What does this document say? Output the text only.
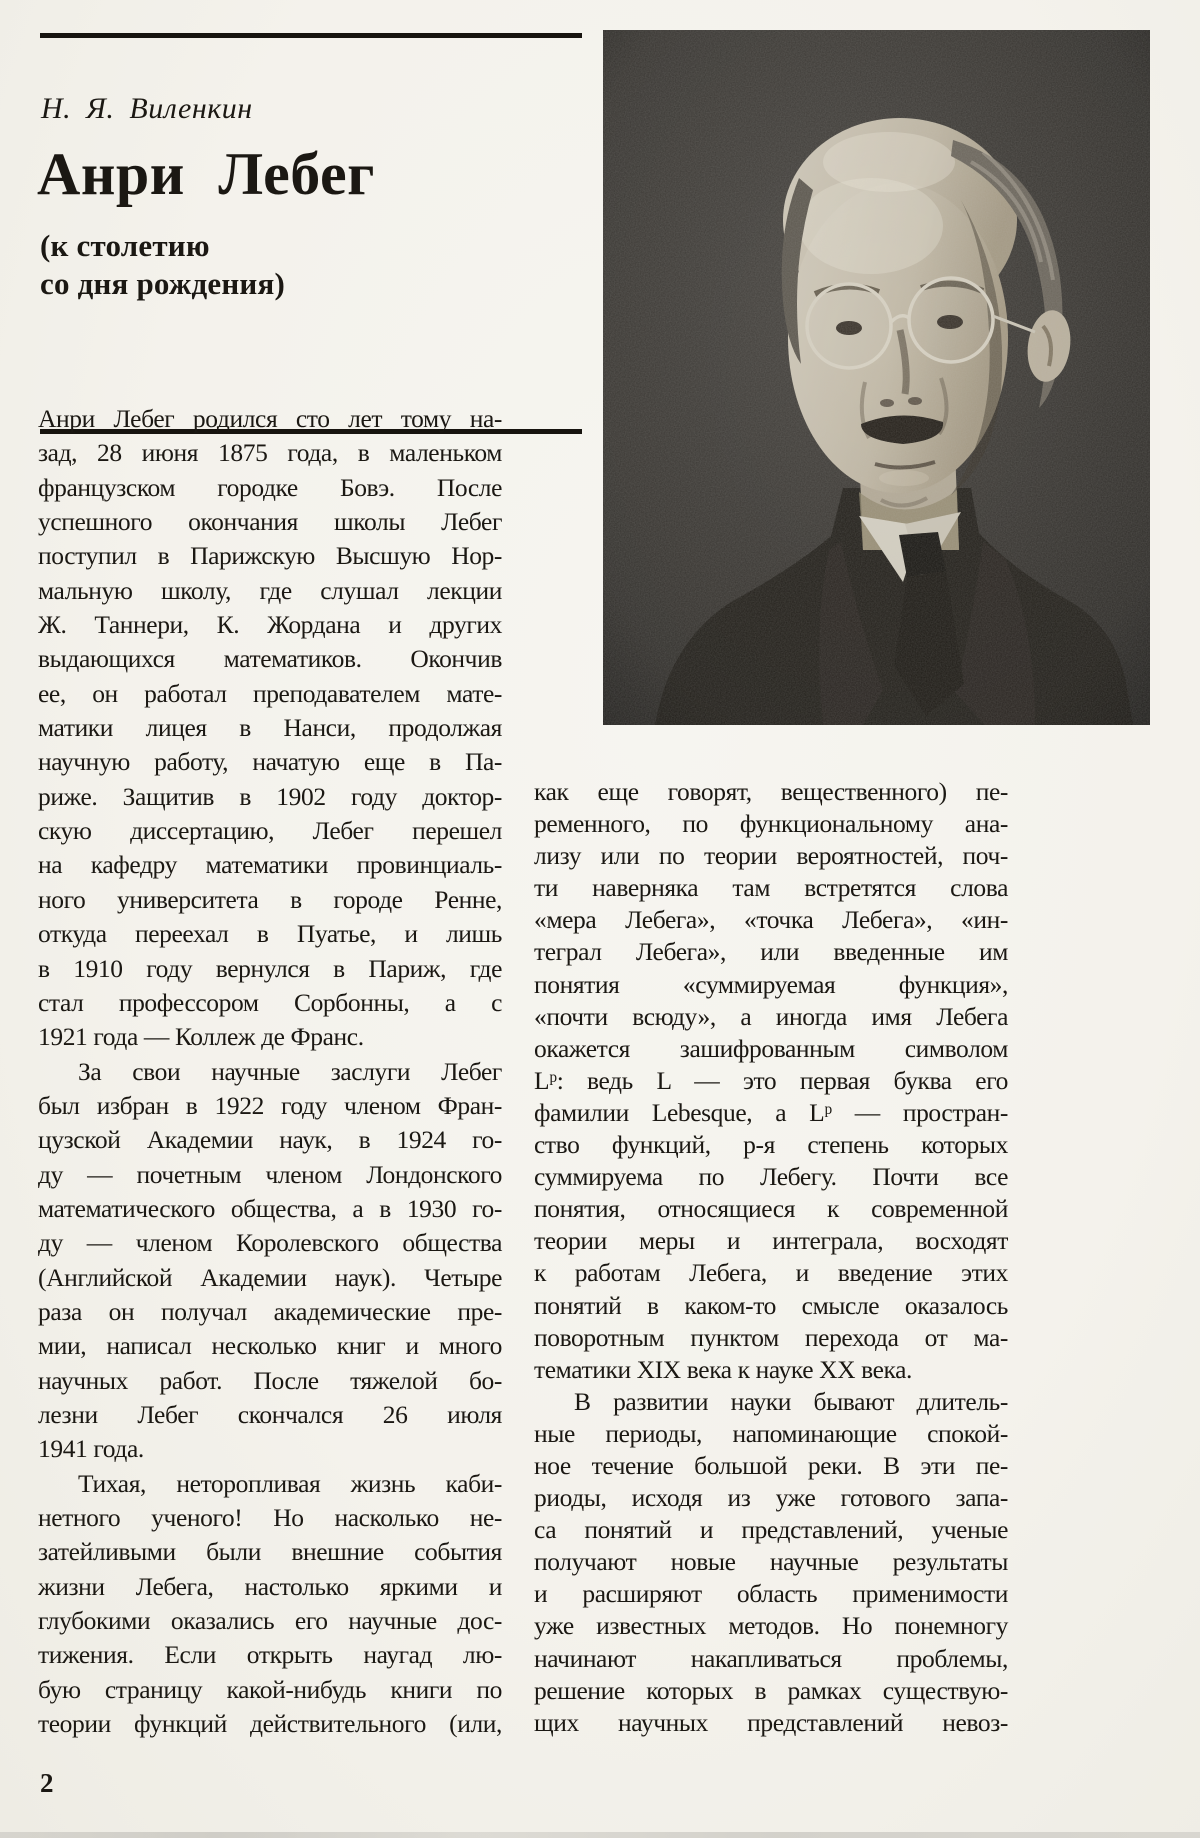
Н. Я. Виленкин
Анри Лебег
(к столетию
со дня рождения)
Анри Лебег родился сто лет тому на-
зад, 28 июня 1875 года, в маленьком
французском городке Бовэ. После
успешного окончания школы Лебег
поступил в Парижскую Высшую Нор-
мальную школу, где слушал лекции
Ж. Таннери, К. Жордана и других
выдающихся математиков. Окончив
ее, он работал преподавателем мате-
матики лицея в Нанси, продолжая
научную работу, начатую еще в Па-
риже. Защитив в 1902 году доктор-
скую диссертацию, Лебег перешел
на кафедру математики провинциаль-
ного университета в городе Ренне,
откуда переехал в Пуатье, и лишь
в 1910 году вернулся в Париж, где
стал профессором Сорбонны, а с
1921 года — Коллеж де Франс.
За свои научные заслуги Лебег
был избран в 1922 году членом Фран-
цузской Академии наук, в 1924 го-
ду — почетным членом Лондонского
математического общества, а в 1930 го-
ду — членом Королевского общества
(Английской Академии наук). Четыре
раза он получал академические пре-
мии, написал несколько книг и много
научных работ. После тяжелой бо-
лезни Лебег скончался 26 июля
1941 года.
Тихая, неторопливая жизнь каби-
нетного ученого! Но насколько не-
затейливыми были внешние события
жизни Лебега, настолько яркими и
глубокими оказались его научные дос-
тижения. Если открыть наугад лю-
бую страницу какой-нибудь книги по
теории функций действительного (или,
как еще говорят, вещественного) пе-
ременного, по функциональному ана-
лизу или по теории вероятностей, поч-
ти наверняка там встретятся слова
«мера Лебега», «точка Лебега», «ин-
теграл Лебега», или введенные им
понятия «суммируемая функция»,
«почти всюду», а иногда имя Лебега
окажется зашифрованным символом
Lᵖ: ведь L — это первая буква его
фамилии Lebesque, а Lᵖ — простран-
ство функций, p-я степень которых
суммируема по Лебегу. Почти все
понятия, относящиеся к современной
теории меры и интеграла, восходят
к работам Лебега, и введение этих
понятий в каком-то смысле оказалось
поворотным пунктом перехода от ма-
тематики XIX века к науке XX века.
В развитии науки бывают длитель-
ные периоды, напоминающие спокой-
ное течение большой реки. В эти пе-
риоды, исходя из уже готового запа-
са понятий и представлений, ученые
получают новые научные результаты
и расширяют область применимости
уже известных методов. Но понемногу
начинают накапливаться проблемы,
решение которых в рамках существую-
щих научных представлений невоз-
2
